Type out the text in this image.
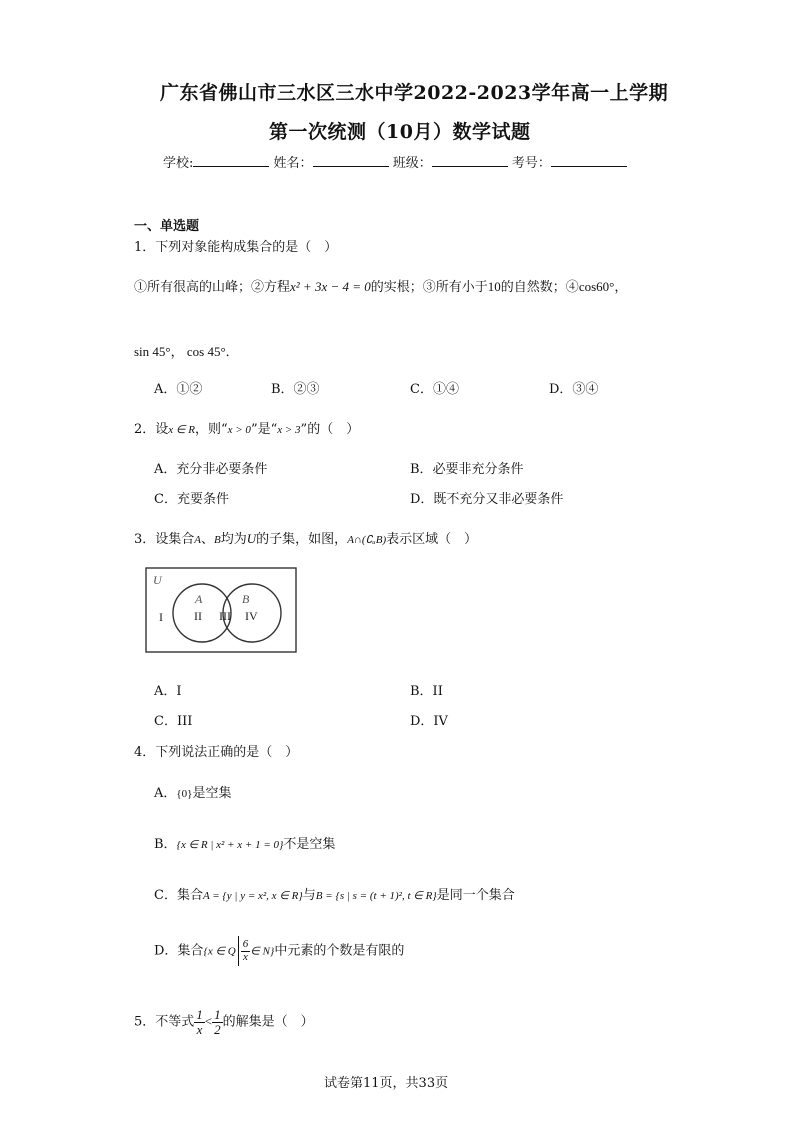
广东省佛山市三水区三水中学2022-2023学年高一上学期
第一次统测（10月）数学试题
学校:	姓名：	班级：	考号：
一、单选题
1．下列对象能构成集合的是（　）
①所有很高的山峰；②方程x² + 3x − 4 = 0的实根；③所有小于10的自然数；④cos60°，
sin 45°， cos 45°．
A．①②	B．②③	C．①④	D．③④
2．设x ∈ R，则“x > 0”是“x > 3”的（　）
A．充分非必要条件	B．必要非充分条件
C．充要条件	D．既不充分又非必要条件
3．设集合A、B均为U的子集，如图，A∩(∁ᵤB)表示区域（　）
U
A	B
I	II III IV
A．Ⅰ	B．II
C．III	D．IV
4．下列说法正确的是（　）
A．{0}是空集
B．{x ∈ R | x² + x + 1 = 0}不是空集
C．集合A = {y | y = x², x ∈ R}与B = {s | s = (t + 1)², t ∈ R}是同一个集合
D．集合{x ∈ Q $\frac{6}{x}$ ∈ N}中元素的个数是有限的
5．不等式 $\frac{1}{x} < \frac{1}{2}$ 的解集是（　）
试卷第11页，共33页
